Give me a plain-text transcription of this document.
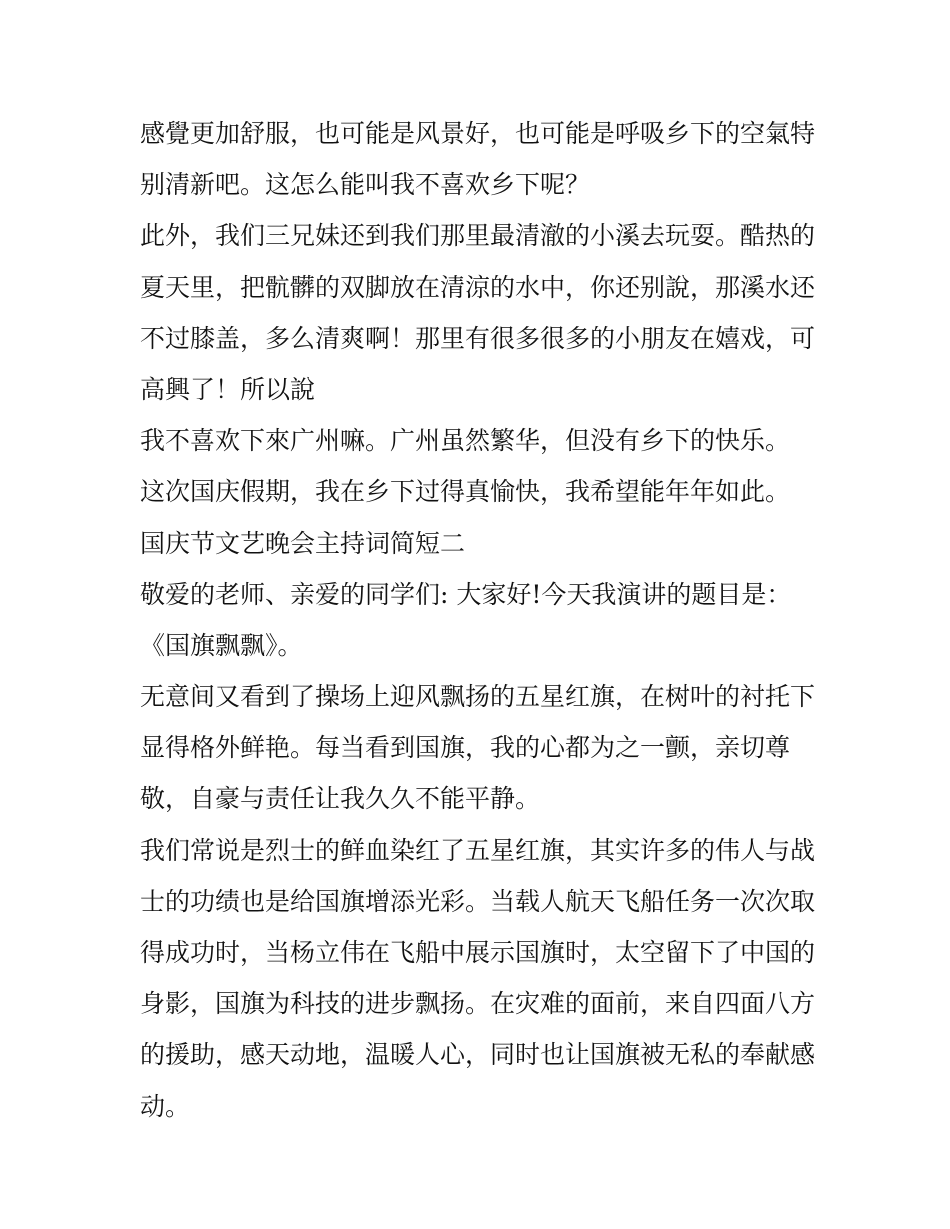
感覺更加舒服，也可能是风景好，也可能是呼吸乡下的空氣特
别清新吧。这怎么能叫我不喜欢乡下呢？
此外，我们三兄妹还到我们那里最清澈的小溪去玩耍。酷热的
夏天里，把骯髒的双脚放在清涼的水中，你还别說，那溪水还
不过膝盖，多么清爽啊！那里有很多很多的小朋友在嬉戏，可
高興了！所以說
我不喜欢下來广州嘛。广州虽然繁华，但没有乡下的快乐。
这次国庆假期，我在乡下过得真愉快，我希望能年年如此。
国庆节文艺晚会主持词简短二
敬爱的老师、亲爱的同学们: 大家好!今天我演讲的题目是：
《国旗飘飘》。
无意间又看到了操场上迎风飘扬的五星红旗，在树叶的衬托下
显得格外鲜艳。每当看到国旗，我的心都为之一颤，亲切尊
敬，自豪与责任让我久久不能平静。
我们常说是烈士的鲜血染红了五星红旗，其实许多的伟人与战
士的功绩也是给国旗增添光彩。当载人航天飞船任务一次次取
得成功时，当杨立伟在飞船中展示国旗时，太空留下了中国的
身影，国旗为科技的进步飘扬。在灾难的面前，来自四面八方
的援助，感天动地，温暖人心，同时也让国旗被无私的奉献感
动。
